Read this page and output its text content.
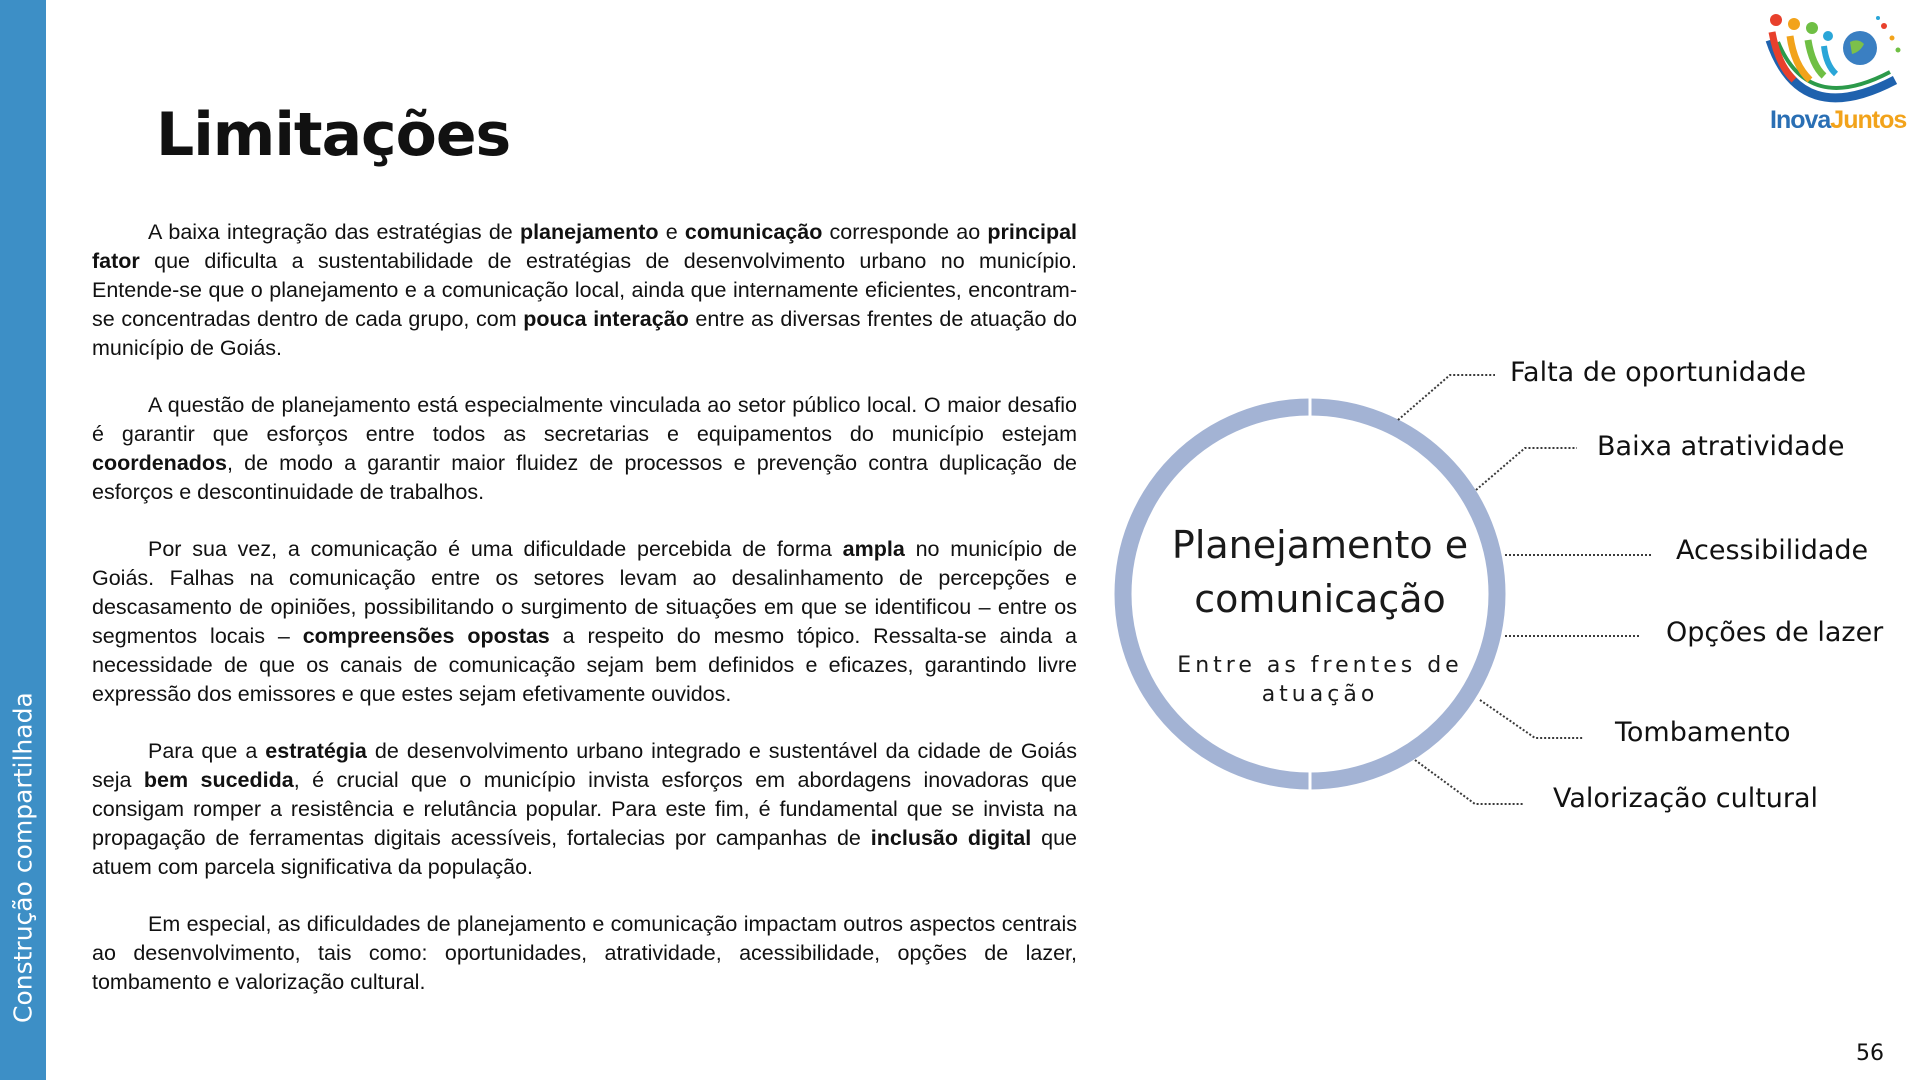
Construção compartilhada
Limitações

A baixa integração das estratégias de planejamento e comunicação corresponde ao principal fator que dificulta a sustentabilidade de estratégias de desenvolvimento urbano no município. Entende-se que o planejamento e a comunicação local, ainda que internamente eficientes, encontram-se concentradas dentro de cada grupo, com pouca interação entre as diversas frentes de atuação do município de Goiás.

A questão de planejamento está especialmente vinculada ao setor público local. O maior desafio é garantir que esforços entre todos as secretarias e equipamentos do município estejam coordenados, de modo a garantir maior fluidez de processos e prevenção contra duplicação de esforços e descontinuidade de trabalhos.

Por sua vez, a comunicação é uma dificuldade percebida de forma ampla no município de Goiás. Falhas na comunicação entre os setores levam ao desalinhamento de percepções e descasamento de opiniões, possibilitando o surgimento de situações em que se identificou – entre os segmentos locais – compreensões opostas a respeito do mesmo tópico. Ressalta-se ainda a necessidade de que os canais de comunicação sejam bem definidos e eficazes, garantindo livre expressão dos emissores e que estes sejam efetivamente ouvidos.

Para que a estratégia de desenvolvimento urbano integrado e sustentável da cidade de Goiás seja bem sucedida, é crucial que o município invista esforços em abordagens inovadoras que consigam romper a resistência e relutância popular. Para este fim, é fundamental que se invista na propagação de ferramentas digitais acessíveis, fortalecias por campanhas de inclusão digital que atuem com parcela significativa da população.

Em especial, as dificuldades de planejamento e comunicação impactam outros aspectos centrais ao desenvolvimento, tais como: oportunidades, atratividade, acessibilidade, opções de lazer, tombamento e valorização cultural.

Planejamento e comunicação
Entre as frentes de atuação
Falta de oportunidade
Baixa atratividade
Acessibilidade
Opções de lazer
Tombamento
Valorização cultural
InovaJuntos
56
